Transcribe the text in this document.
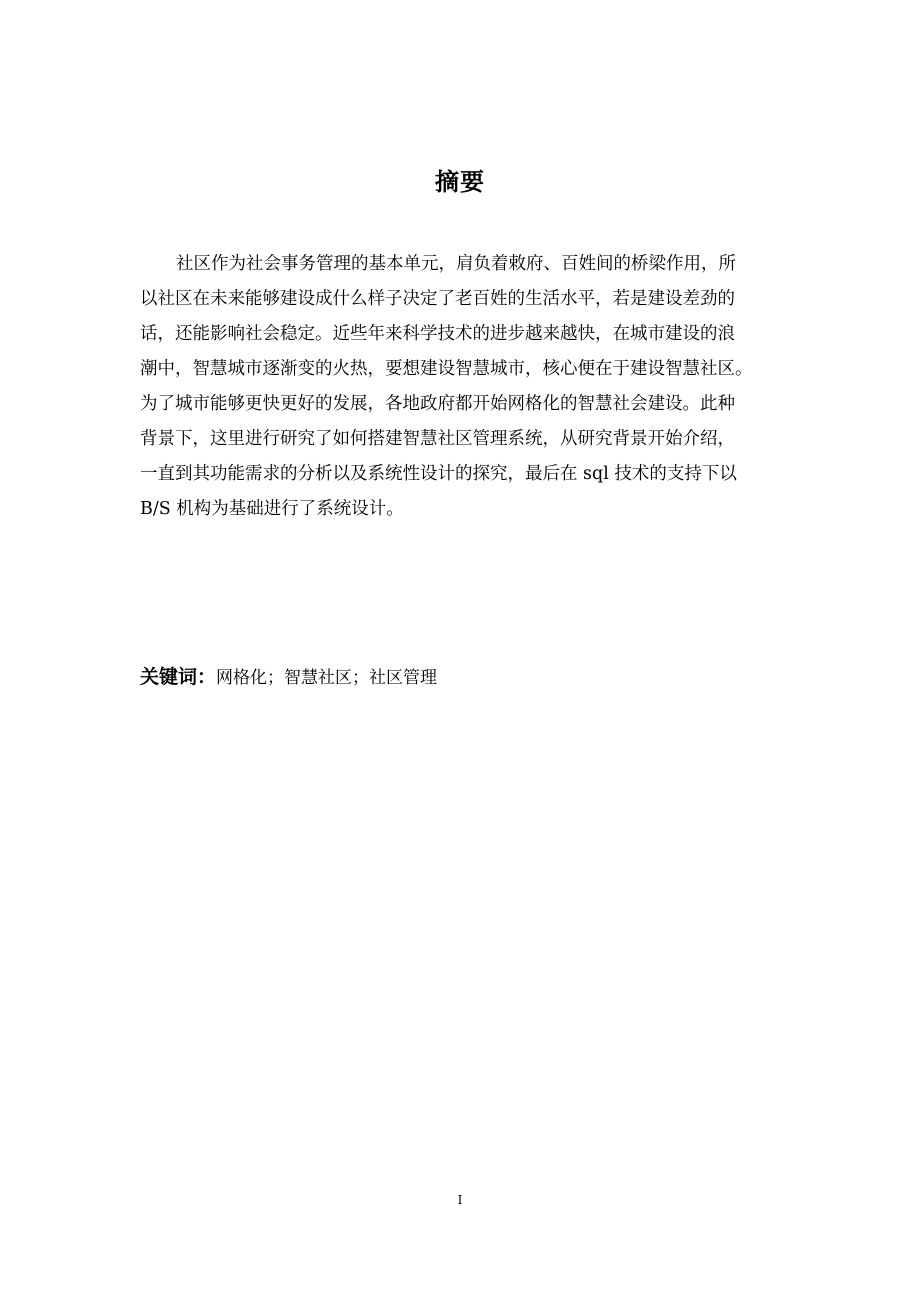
摘要
社区作为社会事务管理的基本单元，肩负着敕府、百姓间的桥梁作用，所
以社区在未来能够建设成什么样子决定了老百姓的生活水平，若是建设差劲的
话，还能影响社会稳定。近些年来科学技术的进步越来越快，在城市建设的浪
潮中，智慧城市逐渐变的火热，要想建设智慧城市，核心便在于建设智慧社区。
为了城市能够更快更好的发展，各地政府都开始网格化的智慧社会建设。此种
背景下，这里进行研究了如何搭建智慧社区管理系统，从研究背景开始介绍，
一直到其功能需求的分析以及系统性设计的探究，最后在 sql 技术的支持下以
B/S 机构为基础进行了系统设计。
关键词：网格化；智慧社区；社区管理
I
